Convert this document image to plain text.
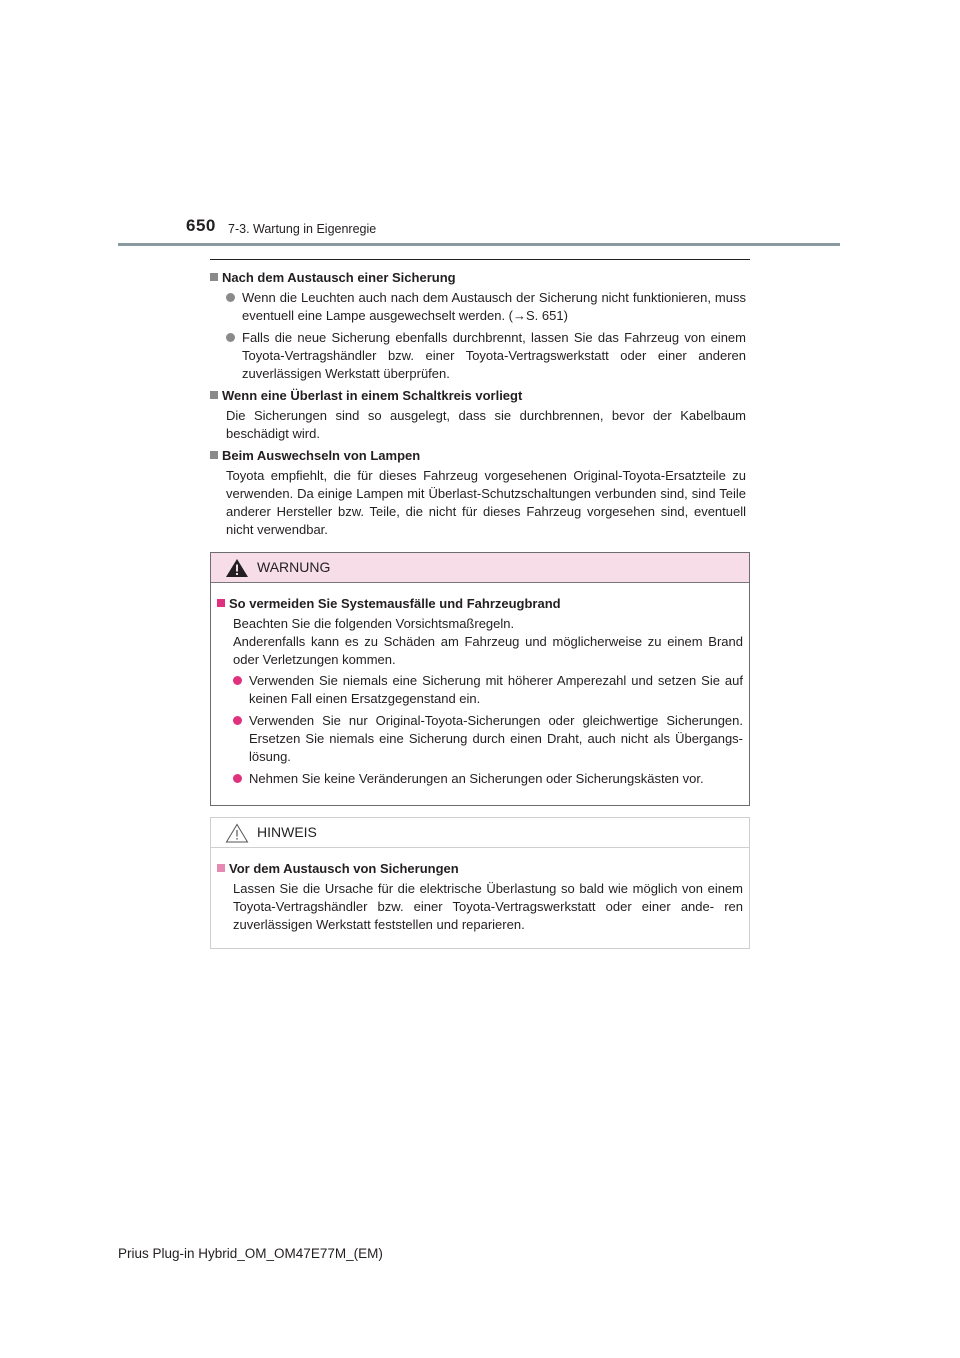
650 7-3. Wartung in Eigenregie
Nach dem Austausch einer Sicherung
Wenn die Leuchten auch nach dem Austausch der Sicherung nicht funktionieren, muss eventuell eine Lampe ausgewechselt werden. (→S. 651)
Falls die neue Sicherung ebenfalls durchbrennt, lassen Sie das Fahrzeug von einem Toyota-Vertragshändler bzw. einer Toyota-Vertragswerkstatt oder einer anderen zuverlässigen Werkstatt überprüfen.
Wenn eine Überlast in einem Schaltkreis vorliegt
Die Sicherungen sind so ausgelegt, dass sie durchbrennen, bevor der Kabelbaum beschädigt wird.
Beim Auswechseln von Lampen
Toyota empfiehlt, die für dieses Fahrzeug vorgesehenen Original-Toyota-Ersatzteile zu verwenden. Da einige Lampen mit Überlast-Schutzschaltungen verbunden sind, sind Teile anderer Hersteller bzw. Teile, die nicht für dieses Fahrzeug vorgesehen sind, eventuell nicht verwendbar.
WARNUNG
So vermeiden Sie Systemausfälle und Fahrzeugbrand
Beachten Sie die folgenden Vorsichtsmaßregeln.
Anderenfalls kann es zu Schäden am Fahrzeug und möglicherweise zu einem Brand oder Verletzungen kommen.
Verwenden Sie niemals eine Sicherung mit höherer Amperezahl und setzen Sie auf keinen Fall einen Ersatzgegenstand ein.
Verwenden Sie nur Original-Toyota-Sicherungen oder gleichwertige Sicherungen. Ersetzen Sie niemals eine Sicherung durch einen Draht, auch nicht als Übergangs- lösung.
Nehmen Sie keine Veränderungen an Sicherungen oder Sicherungskästen vor.
HINWEIS
Vor dem Austausch von Sicherungen
Lassen Sie die Ursache für die elektrische Überlastung so bald wie möglich von einem Toyota-Vertragshändler bzw. einer Toyota-Vertragswerkstatt oder einer ande- ren zuverlässigen Werkstatt feststellen und reparieren.
Prius Plug-in Hybrid_OM_OM47E77M_(EM)
